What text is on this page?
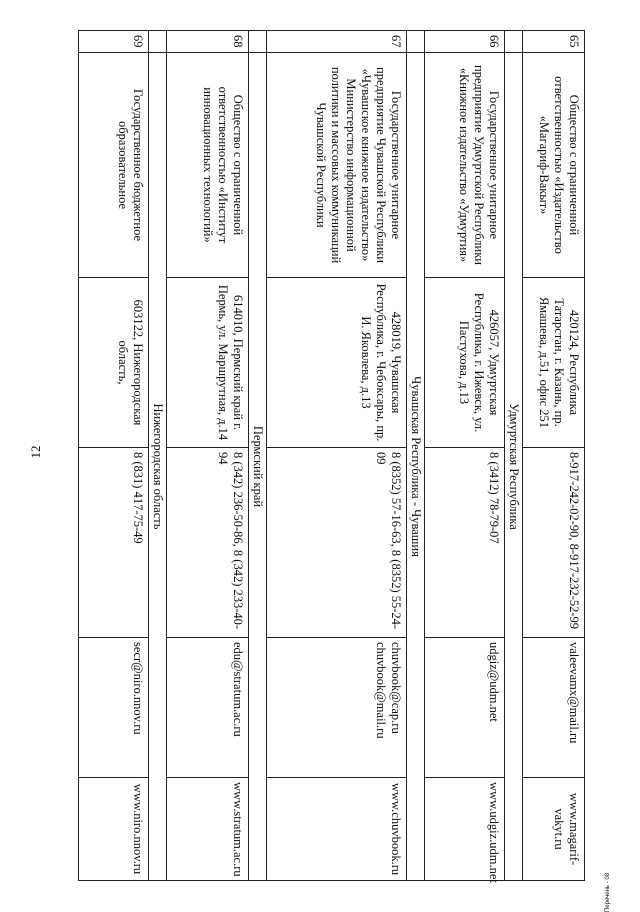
12
Перечень - 08
65	Общество с ограниченной ответственностью «Издательство «Магариф-Вакыт»	420124, Республика Татарстан, г. Казань, пр. Ямашева, д.51, офис 251	8-917-242-02-90, 8-917-232-52-99	valeevamx@mail.ru	www.magarif-vakyt.ru
	Удмуртская Республика				
66	Государственное унитарное предприятие Удмуртской Республики «Книжное издательство «Удмуртия»	426057, Удмуртская Республика, г. Ижевск, ул. Пастухова, д.13	8 (3412) 78-79-07	udgiz@udm.net	www.udgiz.udm.net
	Чувашская Республика - Чувашия				
67	Государственное унитарное предприятие Чувашской Республики «Чувашское книжное издательство» Министерство информационной политики и массовых коммуникаций Чувашской Республики	428019, Чувашская Республика, г. Чебоксары, пр. И. Яковлева, д.13	8 (8352) 57-16-63, 8 (8352) 55-24-09	chuvbook@cap.ru chuvbook@mail.ru	www.chuvbook.ru
	Пермский край				
68	Общество с ограниченной ответственностью «Институт инновационных технологий»	614010, Пермский край г. Пермь, ул. Маршрутная, д.14	8 (342) 236-50-86, 8 (342) 233-40-94	edu@stratum.ac.ru	www.stratum.ac.ru
	Нижегородская область				
69	Государственное бюджетное образовательное	603122, Нижегородская область,	8 (831) 417-75-49	secr@niro.nnov.ru	www.niro.nnov.ru
